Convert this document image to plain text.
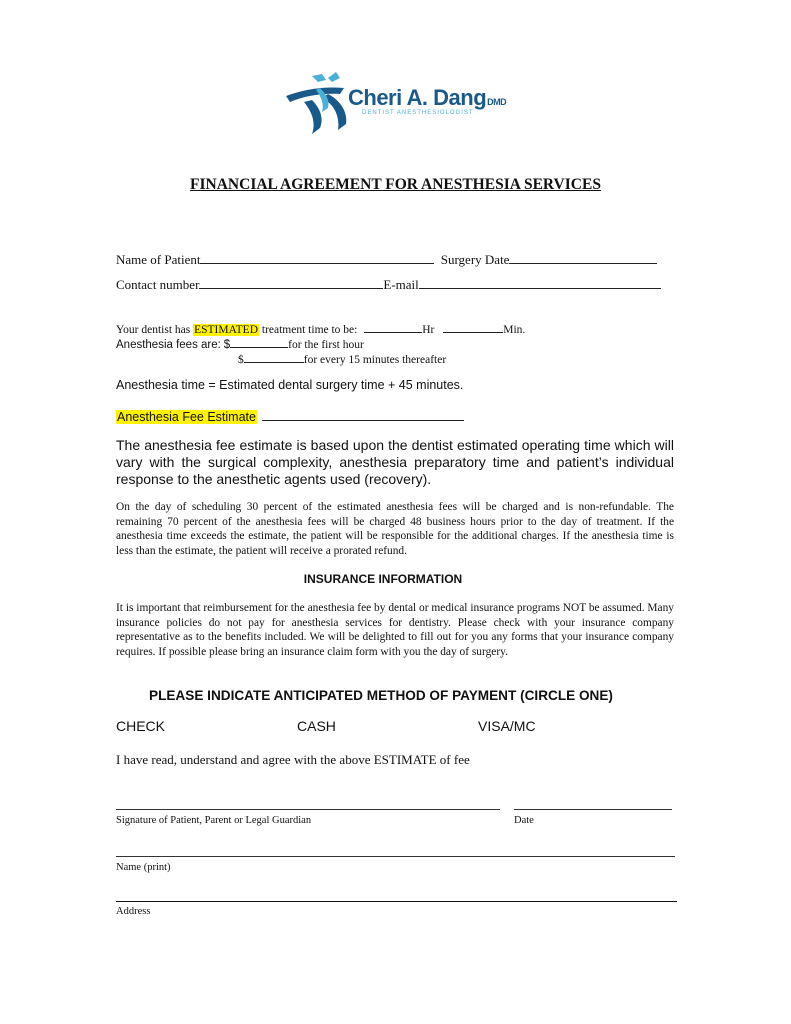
Cheri A. DangDMD
DENTIST ANESTHESIOLOGIST
FINANCIAL AGREEMENT FOR ANESTHESIA SERVICES
Name of Patient	Surgery Date
Contact number	E-mail
Your dentist has ESTIMATED treatment time to be:	Hr	Min.
Anesthesia fees are: $	for the first hour
$	for every 15 minutes thereafter
Anesthesia time = Estimated dental surgery time + 45 minutes.
Anesthesia Fee Estimate
The anesthesia fee estimate is based upon the dentist estimated operating time which will vary with the surgical complexity, anesthesia preparatory time and patient’s individual response to the anesthetic agents used (recovery).
On the day of scheduling 30 percent of the estimated anesthesia fees will be charged and is non-refundable. The remaining 70 percent of the anesthesia fees will be charged 48 business hours prior to the day of treatment. If the anesthesia time exceeds the estimate, the patient will be responsible for the additional charges. If the anesthesia time is less than the estimate, the patient will receive a prorated refund.
INSURANCE INFORMATION
It is important that reimbursement for the anesthesia fee by dental or medical insurance programs NOT be assumed. Many insurance policies do not pay for anesthesia services for dentistry. Please check with your insurance company representative as to the benefits included. We will be delighted to fill out for you any forms that your insurance company requires. If possible please bring an insurance claim form with you the day of surgery.
PLEASE INDICATE ANTICIPATED METHOD OF PAYMENT (CIRCLE ONE)
CHECK	CASH	VISA/MC
I have read, understand and agree with the above ESTIMATE of fee
Signature of Patient, Parent or Legal Guardian	Date
Name (print)
Address
